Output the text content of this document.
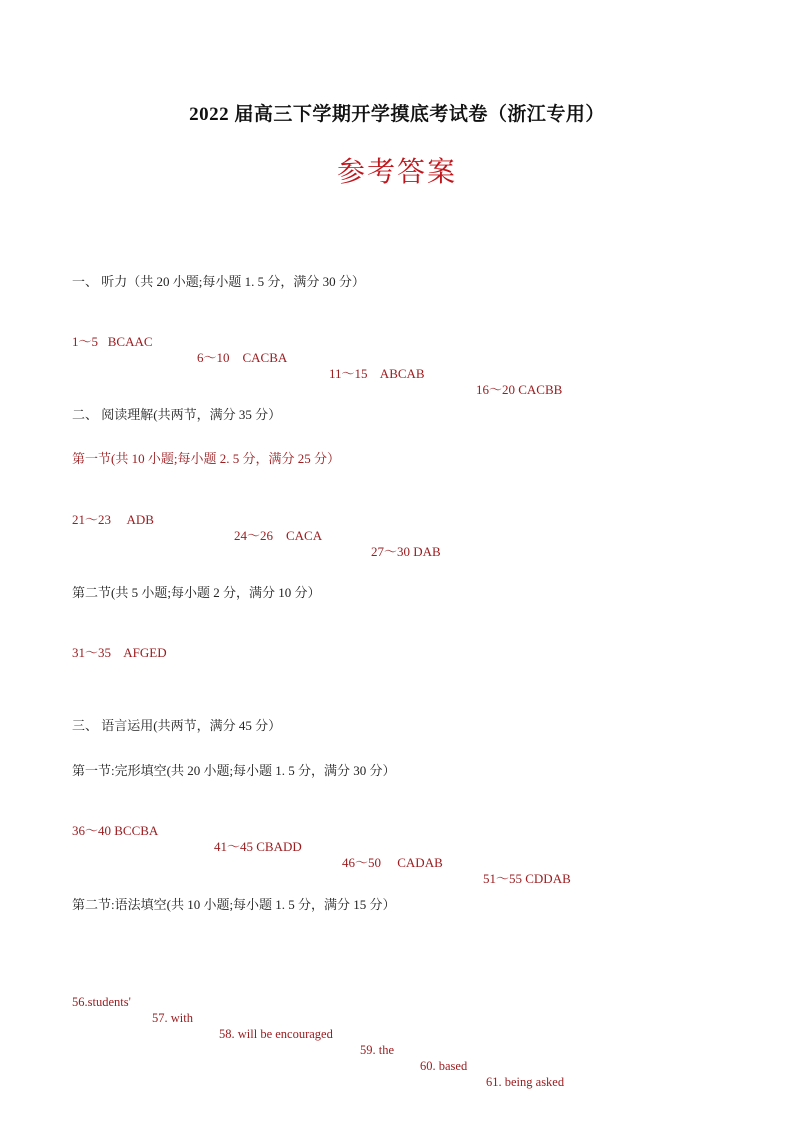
2022 届高三下学期开学摸底考试卷（浙江专用）
参考答案
一、 听力（共 20 小题;每小题 1. 5 分，满分 30 分）

1～5   BCAAC

6～10    CACBA

11～15    ABCAB

16～20 CACBB

二、 阅读理解(共两节，满分 35 分）
第一节(共 10 小题;每小题 2. 5 分，满分 25 分）

21～23     ADB

24～26    CACA

27～30 DAB

第二节(共 5 小题;每小题 2 分，满分 10 分）

31～35    AFGED

三、 语言运用(共两节，满分 45 分）
第一节:完形填空(共 20 小题;每小题 1. 5 分，满分 30 分）

36～40 BCCBA

41～45 CBADD

46～50     CADAB

51～55 CDDAB

第二节:语法填空(共 10 小题;每小题 1. 5 分，满分 15 分）

56.students'

57. with

58. will be encouraged

59. the

60. based

61. being asked
